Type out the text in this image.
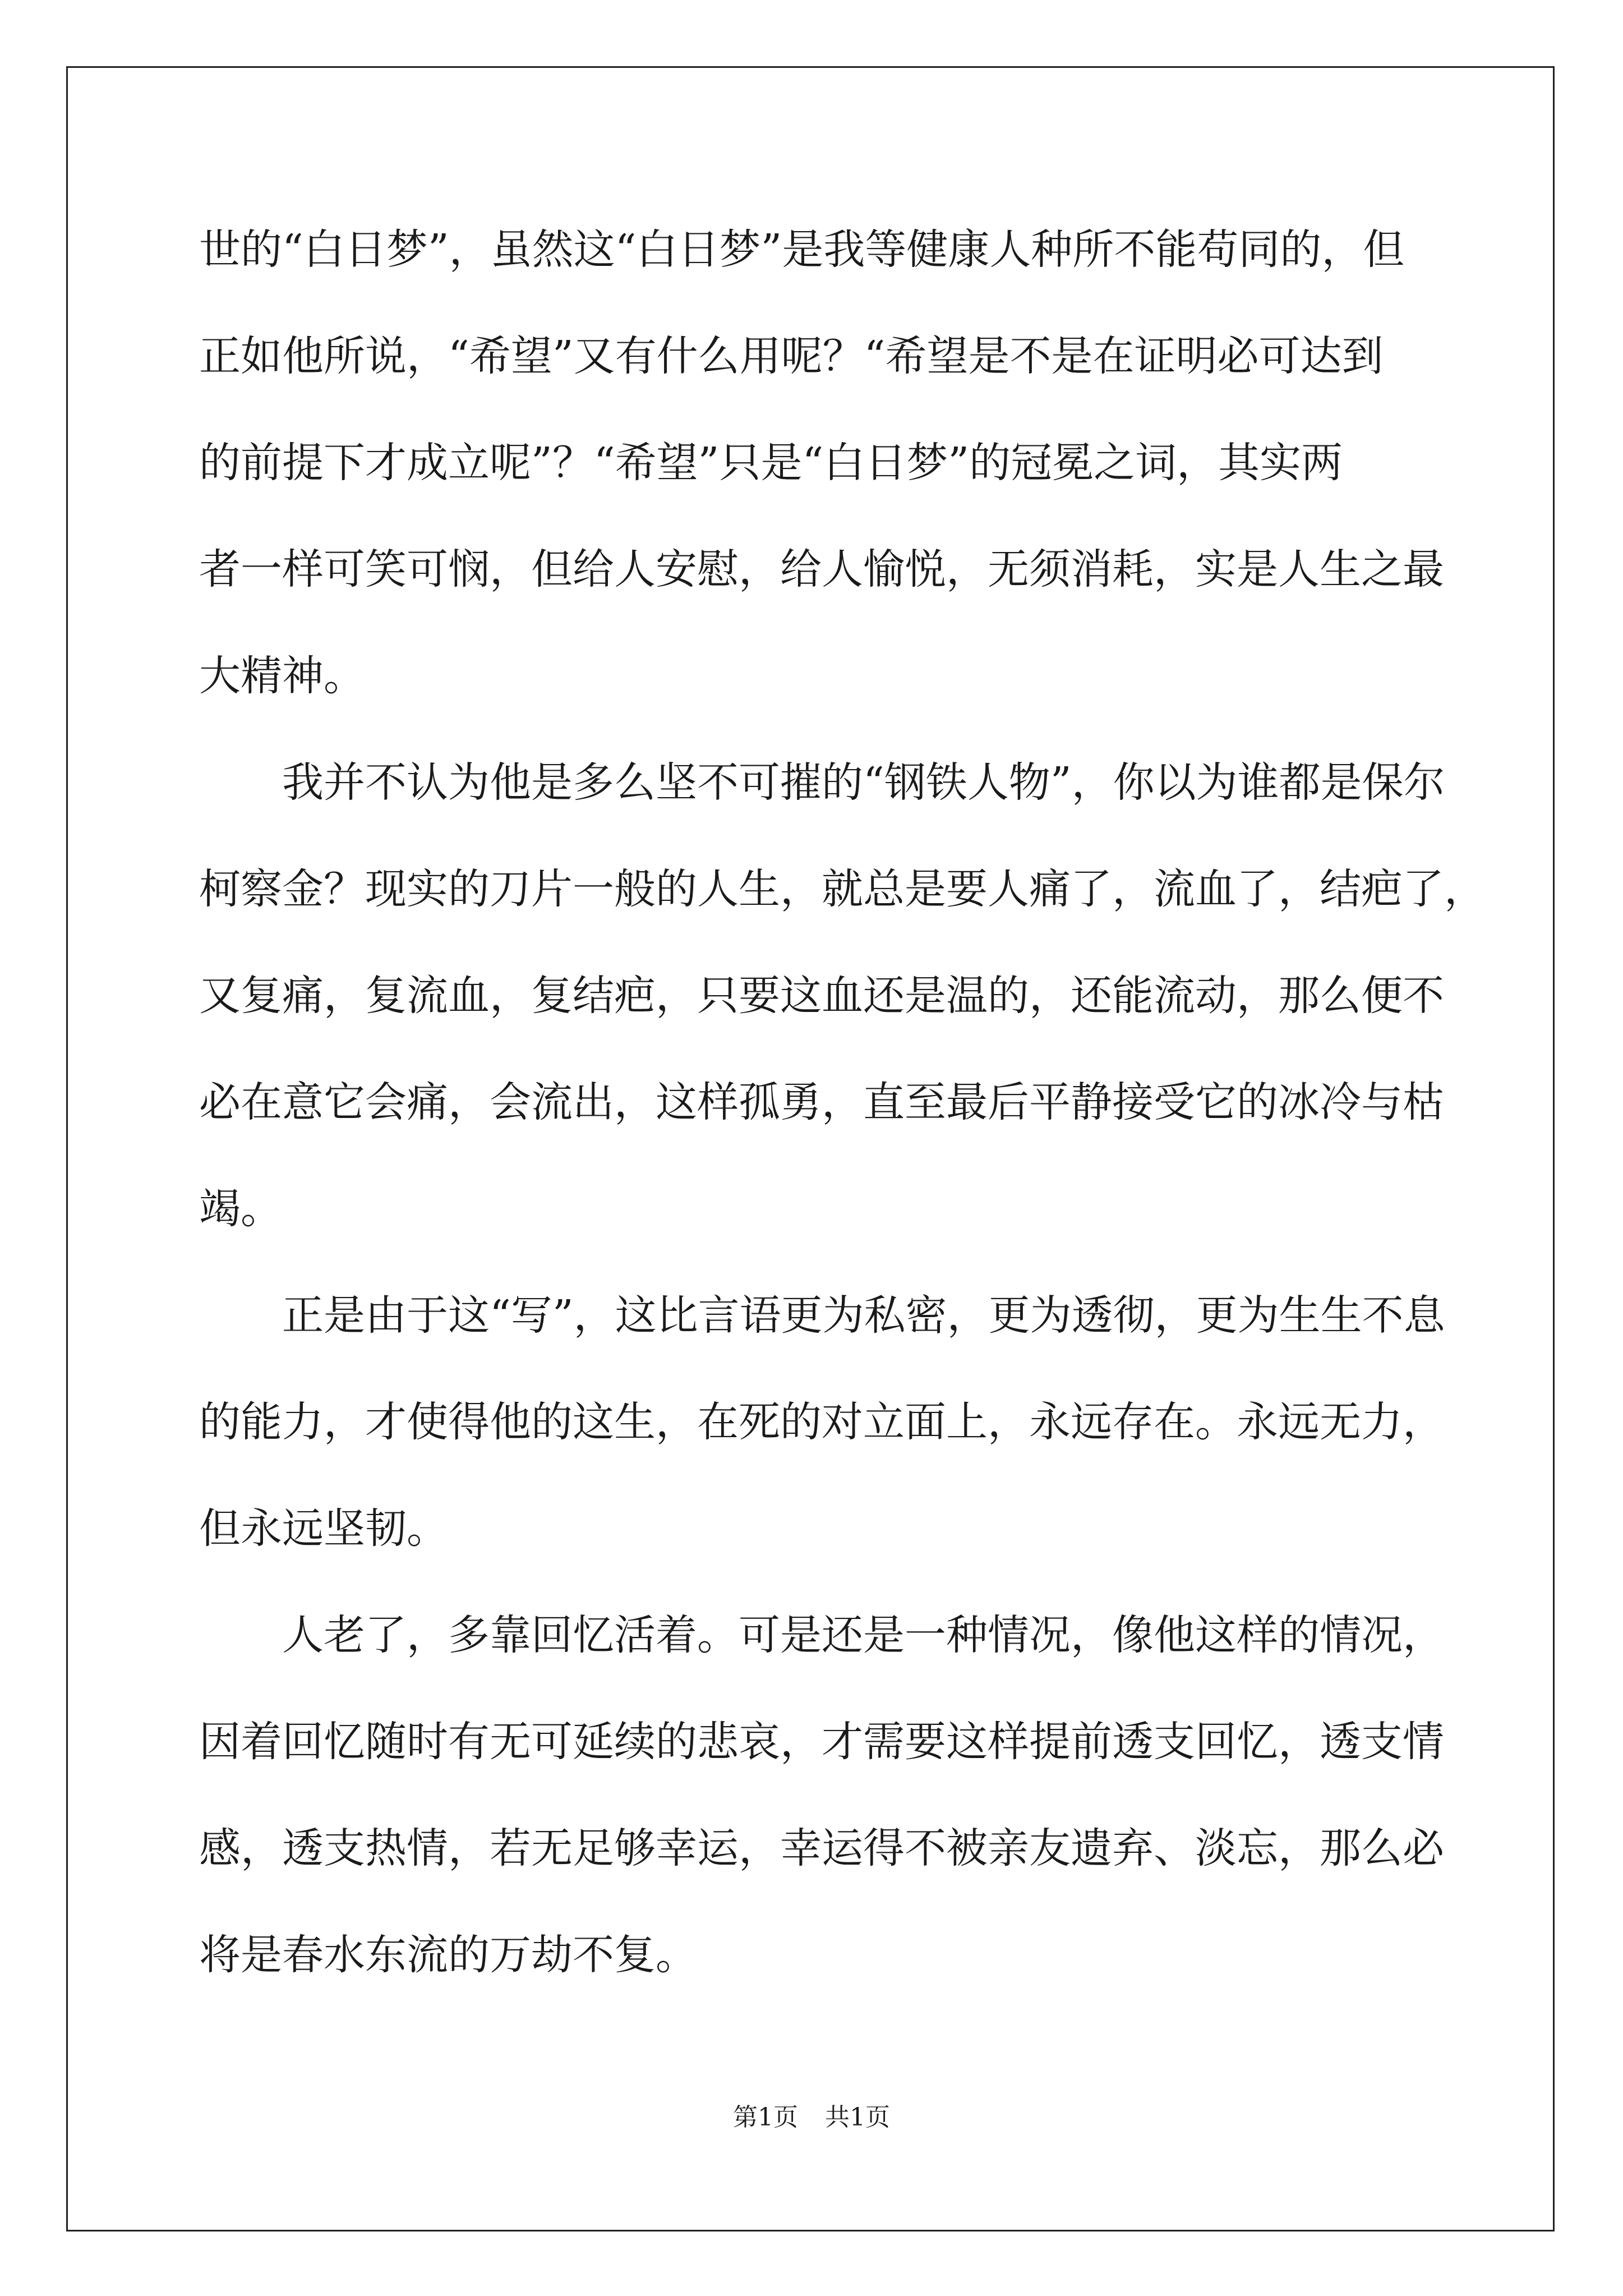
世的“白日梦”，虽然这“白日梦”是我等健康人种所不能苟同的，但
正如他所说，“希望”又有什么用呢？“希望是不是在证明必可达到
的前提下才成立呢”？“希望”只是“白日梦”的冠冕之词，其实两
者一样可笑可悯，但给人安慰，给人愉悦，无须消耗，实是人生之最
大精神。
我并不认为他是多么坚不可摧的“钢铁人物”，你以为谁都是保尔
柯察金？现实的刀片一般的人生，就总是要人痛了，流血了，结疤了，
又复痛，复流血，复结疤，只要这血还是温的，还能流动，那么便不
必在意它会痛，会流出，这样孤勇，直至最后平静接受它的冰冷与枯
竭。
正是由于这“写”，这比言语更为私密，更为透彻，更为生生不息
的能力，才使得他的这生，在死的对立面上，永远存在。永远无力，
但永远坚韧。
人老了，多靠回忆活着。可是还是一种情况，像他这样的情况，
因着回忆随时有无可延续的悲哀，才需要这样提前透支回忆，透支情
感，透支热情，若无足够幸运，幸运得不被亲友遗弃、淡忘，那么必
将是春水东流的万劫不复。
第1页 共1页
